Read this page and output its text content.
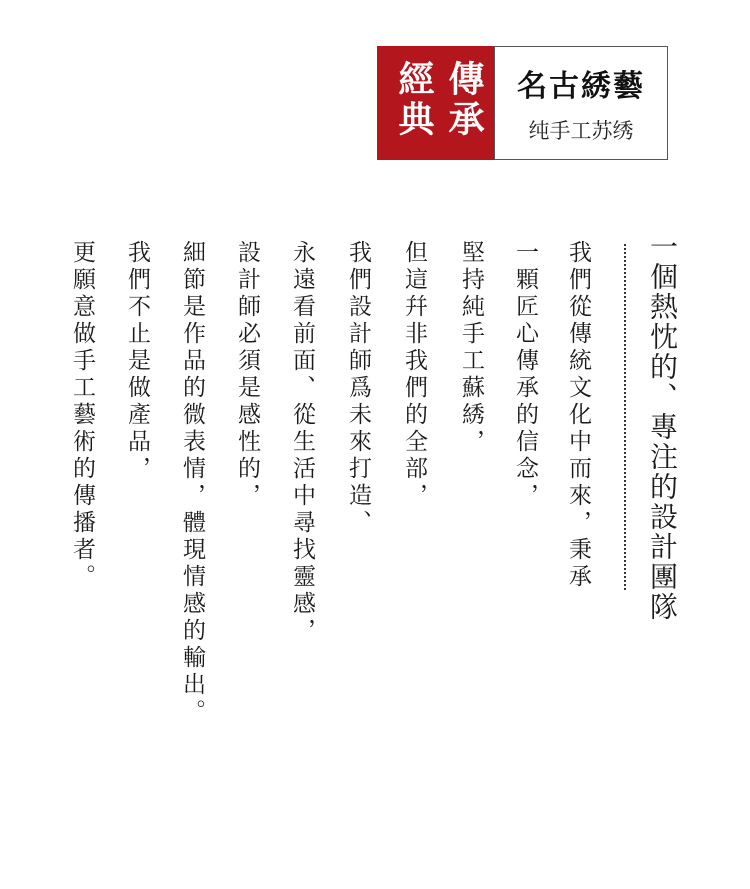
傳承
經典	名古綉藝
纯手工苏绣
一個熱忱的、專注的設計團隊
我們從傳統文化中而來，秉承
一顆匠心傳承的信念，
堅持純手工蘇綉，
但這幷非我們的全部，
我們設計師爲未來打造、
永遠看前面、從生活中尋找靈感，
設計師必須是感性的，
細節是作品的微表情，體現情感的輸出。
我們不止是做產品，
更願意做手工藝術的傳播者。
